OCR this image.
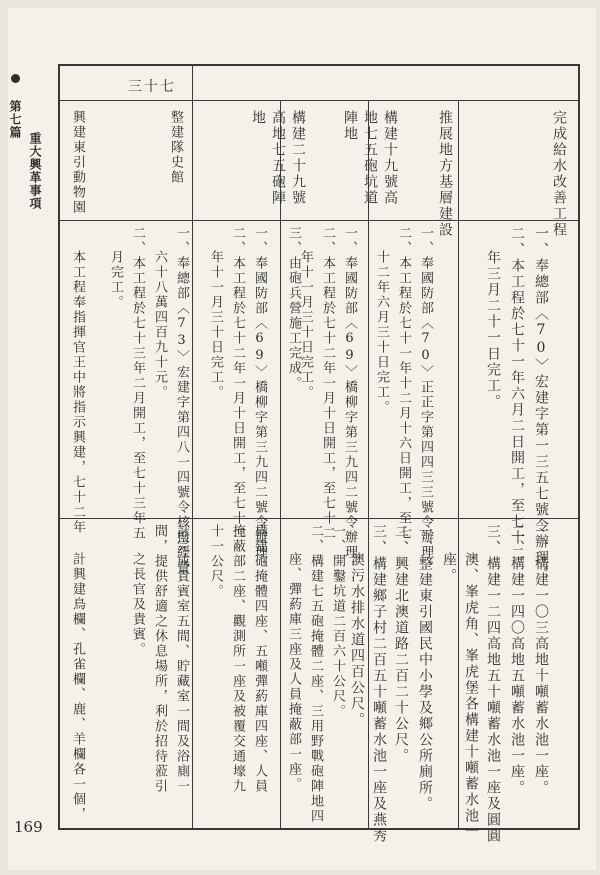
第七篇
重大興革事項
三十七
完成給水改善工程
一、奉總部〈70〉宏建字第一三五七號令辦理。
二、本工程於七十一年六月二日開工，至七十二
年三月二十一日完工。
一、構建一〇三高地十噸蓄水池一座。
二、構建一四〇高地五噸蓄水池一座。
三、構建一二四高地五十噸蓄水池一座及圓圓
澳、峯虎角、峯虎堡各構建十噸蓄水池一
座。
推展地方基層建設
一、整建東引國民中小學及鄉公所廁所。
二、興建北澳道路二百二十公尺。
三、構建鄉子村二百五十噸蓄水池一座及燕秀
澳污水排水道四百公尺。
一、奉國防部〈70〉正正字第四四三三號令辦理。
二、本工程於七十一年十二月十六日開工，至七
十二年六月三十日完工。
構建十九號高地七五砲坑道陣地
一、奉國防部〈69〉橋柳字第三九四二號令辦理。
二、本工程於七十二年一月十日開工，至七十二
年十一月三十日完工。
三、由砲兵營施工完成。
一、開鑿坑道二百六十公尺。
二、構建七五砲掩體二座、三用野戰砲陣地四
座、彈葯庫三座及人員掩蔽部一座。
構建二十九號高地七五砲陣地
一、奉國防部〈69〉橋柳字第三九四二號令辦理。
二、本工程於七十二年一月十日開工，至七十二
年十一月三十日完工。
構建砲掩體四座、五噸彈葯庫四座、人員
掩蔽部二座、觀測所一座及被覆交通壕九
十一公尺。
整建隊史館
一、奉總部〈73〉宏建字第四八一四號令核撥經費
六十八萬四百九十元。
二、本工程於七十三年二月開工，至七十三年五
月完工。
計完成貴賓室五間、貯藏室一間及浴廁一
間，提供舒適之休息場所，利於招待蒞引
之長官及貴賓。
興建東引動物園
本工程奉指揮官王中將指示興建，七十二年
計興建鳥欄、孔雀欄、鹿、羊欄各一個，
169
